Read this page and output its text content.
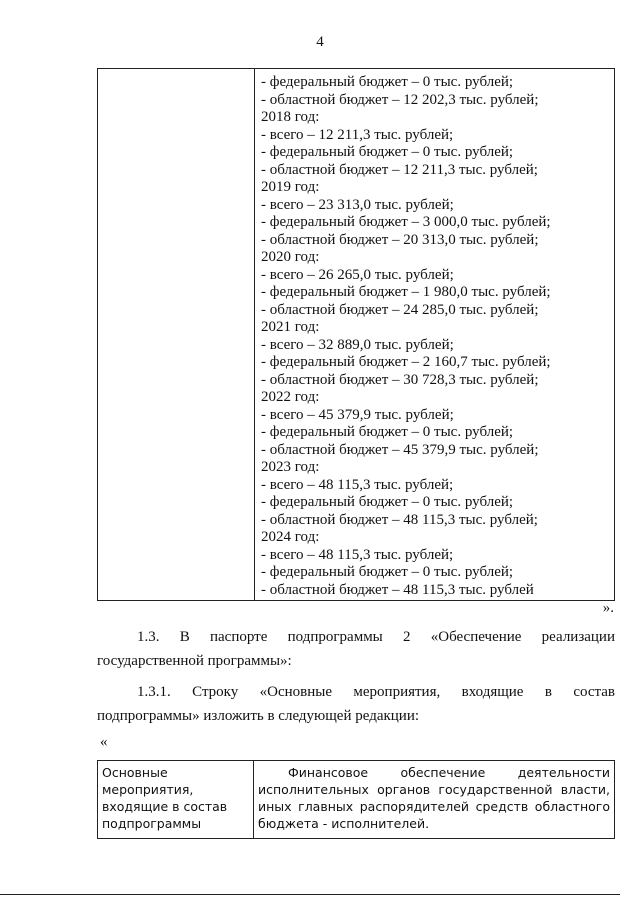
4
- федеральный бюджет – 0 тыс. рублей;
- областной бюджет – 12 202,3 тыс. рублей;
2018 год:
- всего – 12 211,3 тыс. рублей;
- федеральный бюджет – 0 тыс. рублей;
- областной бюджет – 12 211,3 тыс. рублей;
2019 год:
- всего – 23 313,0 тыс. рублей;
- федеральный бюджет – 3 000,0 тыс. рублей;
- областной бюджет – 20 313,0 тыс. рублей;
2020 год:
- всего – 26 265,0 тыс. рублей;
- федеральный бюджет – 1 980,0 тыс. рублей;
- областной бюджет – 24 285,0 тыс. рублей;
2021 год:
- всего – 32 889,0 тыс. рублей;
- федеральный бюджет – 2 160,7 тыс. рублей;
- областной бюджет – 30 728,3 тыс. рублей;
2022 год:
- всего – 45 379,9 тыс. рублей;
- федеральный бюджет – 0 тыс. рублей;
- областной бюджет – 45 379,9 тыс. рублей;
2023 год:
- всего – 48 115,3 тыс. рублей;
- федеральный бюджет – 0 тыс. рублей;
- областной бюджет – 48 115,3 тыс. рублей;
2024 год:
- всего – 48 115,3 тыс. рублей;
- федеральный бюджет – 0 тыс. рублей;
- областной бюджет – 48 115,3 тыс. рублей
».
1.3. В паспорте подпрограммы 2 «Обеспечение реализации
государственной программы»:
1.3.1. Строку «Основные мероприятия, входящие в состав
подпрограммы» изложить в следующей редакции:
«
Основные мероприятия, входящие в состав подпрограммы
Финансовое обеспечение деятельности исполнительных органов государственной власти, иных главных распорядителей средств областного бюджета - исполнителей.
